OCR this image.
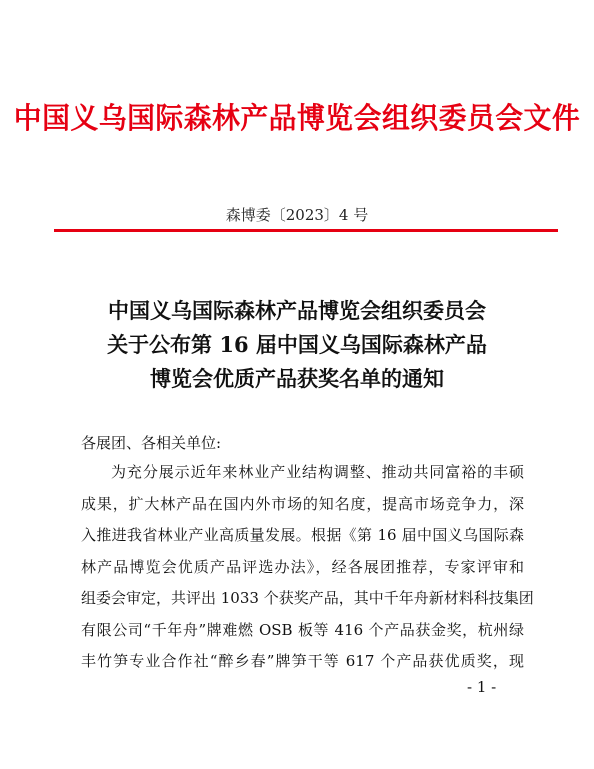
中国义乌国际森林产品博览会组织委员会文件
森博委〔2023〕4 号
中国义乌国际森林产品博览会组织委员会
关于公布第 16 届中国义乌国际森林产品
博览会优质产品获奖名单的通知
各展团、各相关单位:
为充分展示近年来林业产业结构调整、推动共同富裕的丰硕
成果，扩大林产品在国内外市场的知名度，提高市场竞争力，深
入推进我省林业产业高质量发展。根据《第 16 届中国义乌国际森
林产品博览会优质产品评选办法》，经各展团推荐，专家评审和
组委会审定，共评出 1033 个获奖产品，其中千年舟新材料科技集团
有限公司“千年舟”牌难燃 OSB 板等 416 个产品获金奖，杭州绿
丰竹笋专业合作社“醉乡春”牌笋干等 617 个产品获优质奖，现
- 1 -
